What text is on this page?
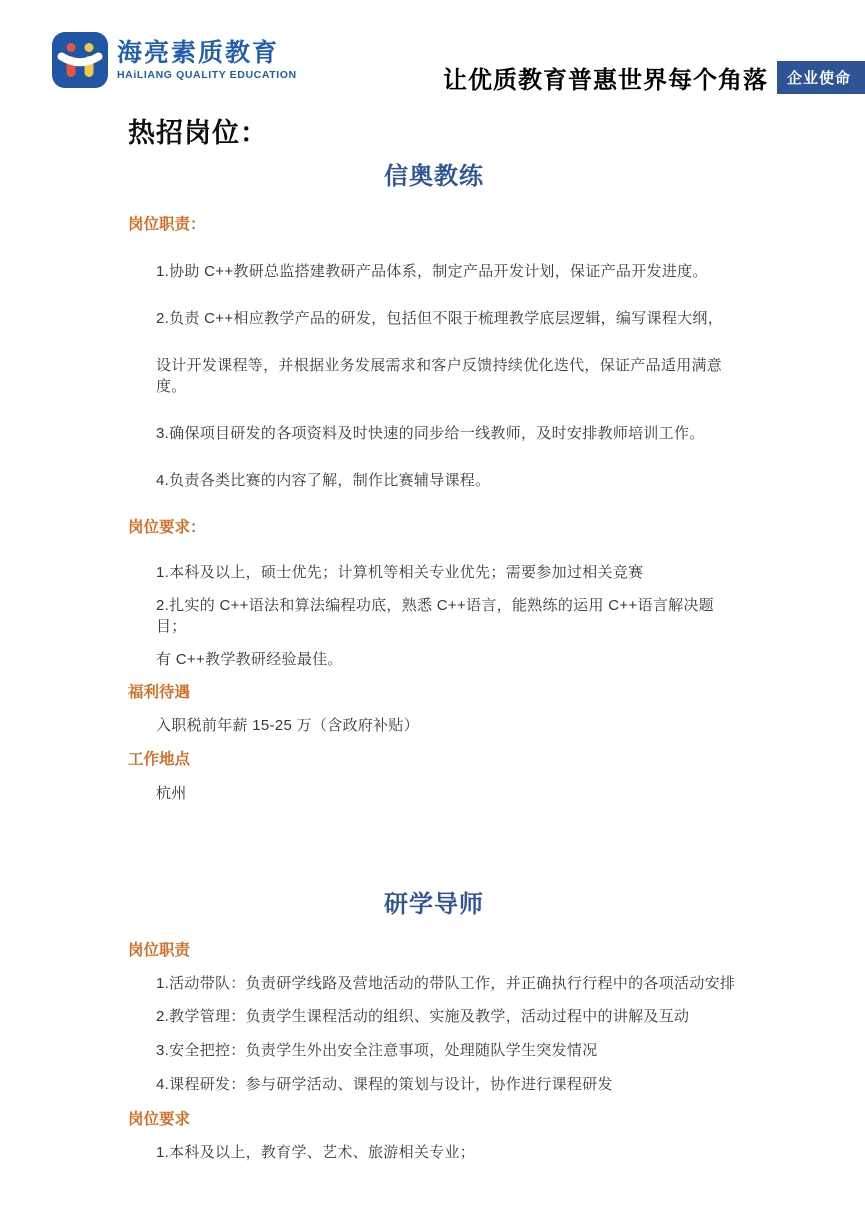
海亮素质教育
HAiLIANG QUALITY EDUCATION	让优质教育普惠世界每个角落	企业使命
热招岗位：
信奥教练
岗位职责：

1.协助 C++教研总监搭建教研产品体系，制定产品开发计划，保证产品开发进度。

2.负责 C++相应教学产品的研发，包括但不限于梳理教学底层逻辑，编写课程大纲，

设计开发课程等，并根据业务发展需求和客户反馈持续优化迭代，保证产品适用满意度。

3.确保项目研发的各项资料及时快速的同步给一线教师，及时安排教师培训工作。

4.负责各类比赛的内容了解，制作比赛辅导课程。

岗位要求：

1.本科及以上，硕士优先；计算机等相关专业优先；需要参加过相关竞赛

2.扎实的 C++语法和算法编程功底，熟悉 C++语言，能熟练的运用 C++语言解决题目；

有 C++教学教研经验最佳。

福利待遇

入职税前年薪 15-25 万（含政府补贴）

工作地点

杭州

研学导师
岗位职责

1.活动带队：负责研学线路及营地活动的带队工作，并正确执行行程中的各项活动安排

2.教学管理：负责学生课程活动的组织、实施及教学，活动过程中的讲解及互动

3.安全把控：负责学生外出安全注意事项，处理随队学生突发情况

4.课程研发：参与研学活动、课程的策划与设计，协作进行课程研发

岗位要求

1.本科及以上，教育学、艺术、旅游相关专业；
